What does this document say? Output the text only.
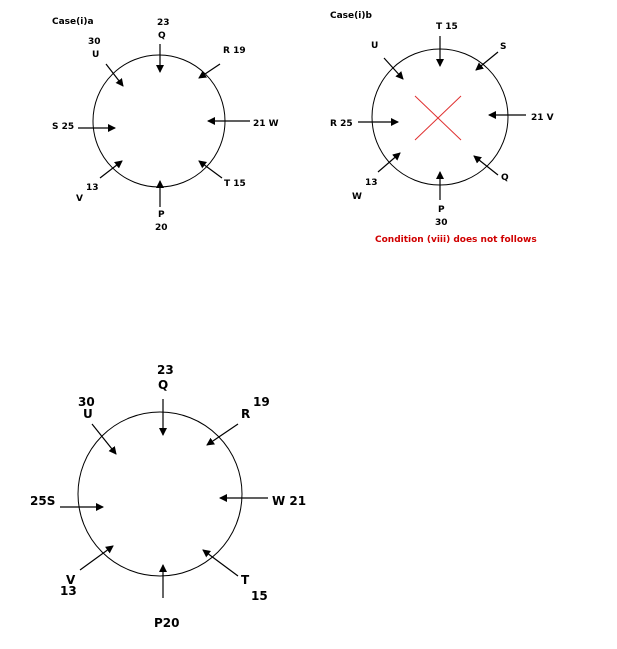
Case(i)a	23
Q
30
U	R 19
21 W
S 25
13
V
T 15
P
20
Case(i)b
T 15
U	S
21 V
R 25
13
W
Q
P
30
Condition (viii) does not follows
23
Q
30
U
19
R
W 21
25S
V
13
T
15
P20
